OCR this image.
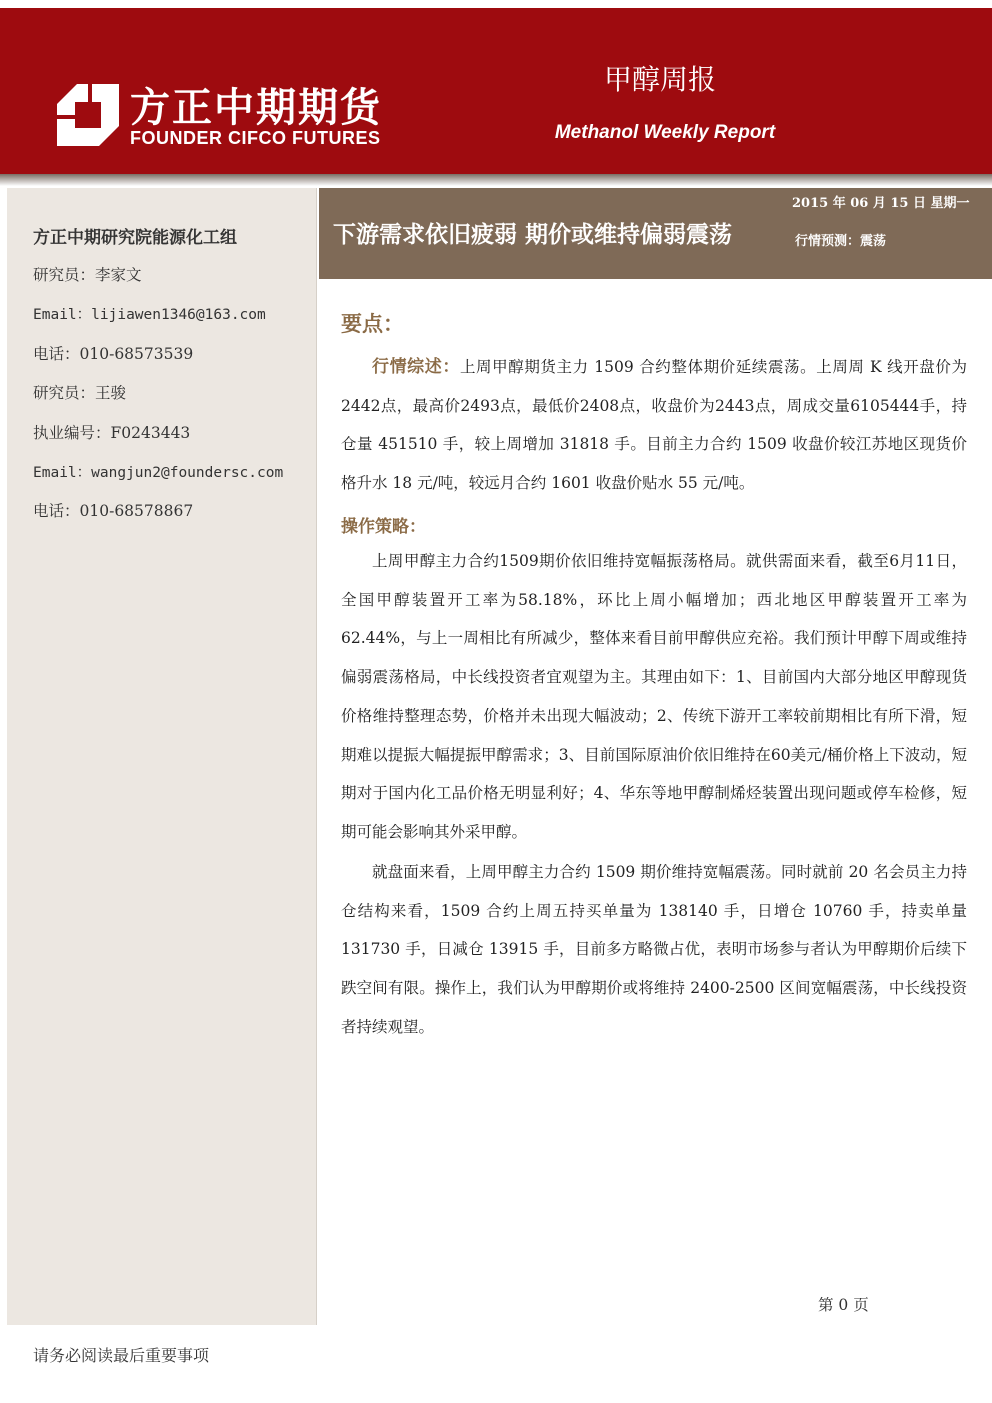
方正中期期货
FOUNDER CIFCO FUTURES
甲醇周报
Methanol Weekly Report
方正中期研究院能源化工组
研究员：李家文
Email：lijiawen1346@163.com
电话：010-68573539
研究员：王骏
执业编号：F0243443
Email：wangjun2@foundersc.com
电话：010-68578867
2015 年 06 月 15 日 星期一
下游需求依旧疲弱 期价或维持偏弱震荡	行情预测：震荡
要点：
行情综述：上周甲醇期货主力 1509 合约整体期价延续震荡。上周周 K 线开盘价为2442点，最高价2493点，最低价2408点，收盘价为2443点，周成交量6105444手，持仓量 451510 手，较上周增加 31818 手。目前主力合约 1509 收盘价较江苏地区现货价格升水 18 元/吨，较远月合约 1601 收盘价贴水 55 元/吨。
操作策略：
上周甲醇主力合约1509期价依旧维持宽幅振荡格局。就供需面来看，截至6月11日，全国甲醇装置开工率为58.18%，环比上周小幅增加；西北地区甲醇装置开工率为62.44%，与上一周相比有所减少，整体来看目前甲醇供应充裕。我们预计甲醇下周或维持偏弱震荡格局，中长线投资者宜观望为主。其理由如下：1、目前国内大部分地区甲醇现货价格维持整理态势，价格并未出现大幅波动；2、传统下游开工率较前期相比有所下滑，短期难以提振大幅提振甲醇需求；3、目前国际原油价依旧维持在60美元/桶价格上下波动，短期对于国内化工品价格无明显利好；4、华东等地甲醇制烯烃装置出现问题或停车检修，短期可能会影响其外采甲醇。
就盘面来看，上周甲醇主力合约 1509 期价维持宽幅震荡。同时就前 20 名会员主力持仓结构来看，1509 合约上周五持买单量为 138140 手，日增仓 10760 手，持卖单量 131730 手，日减仓 13915 手，目前多方略微占优，表明市场参与者认为甲醇期价后续下跌空间有限。操作上，我们认为甲醇期价或将维持 2400-2500 区间宽幅震荡，中长线投资者持续观望。
第 0 页
请务必阅读最后重要事项
